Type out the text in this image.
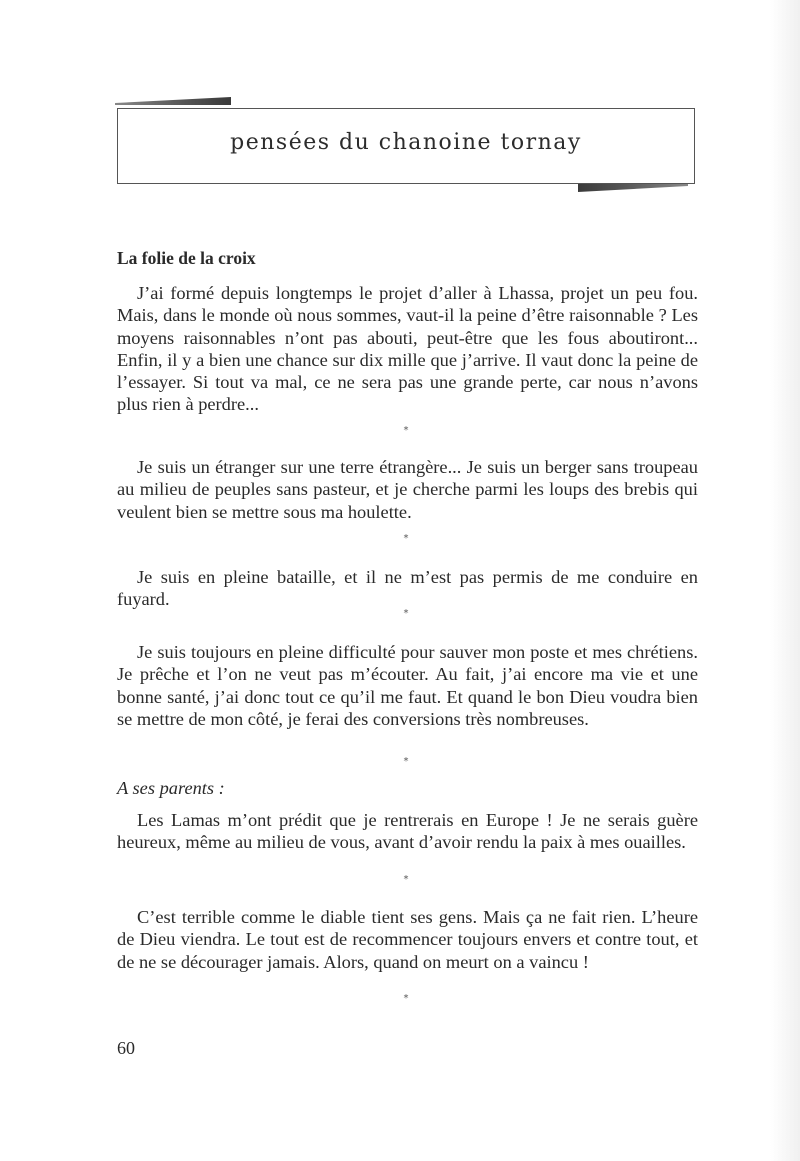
pensées du chanoine tornay
La folie de la croix

J’ai formé depuis longtemps le projet d’aller à Lhassa, projet un peu fou. Mais, dans le monde où nous sommes, vaut-il la peine d’être raisonnable ? Les moyens raisonnables n’ont pas abouti, peut-être que les fous aboutiront... Enfin, il y a bien une chance sur dix mille que j’arrive. Il vaut donc la peine de l’essayer. Si tout va mal, ce ne sera pas une grande perte, car nous n’avons plus rien à perdre...

*

Je suis un étranger sur une terre étrangère... Je suis un berger sans troupeau au milieu de peuples sans pasteur, et je cherche parmi les loups des brebis qui veulent bien se mettre sous ma houlette.

*

Je suis en pleine bataille, et il ne m’est pas permis de me conduire en fuyard.

*

Je suis toujours en pleine difficulté pour sauver mon poste et mes chrétiens. Je prêche et l’on ne veut pas m’écouter. Au fait, j’ai encore ma vie et une bonne santé, j’ai donc tout ce qu’il me faut. Et quand le bon Dieu voudra bien se mettre de mon côté, je ferai des conversions très nombreuses.

*
A ses parents :

Les Lamas m’ont prédit que je rentrerais en Europe ! Je ne serais guère heureux, même au milieu de vous, avant d’avoir rendu la paix à mes ouailles.

*

C’est terrible comme le diable tient ses gens. Mais ça ne fait rien. L’heure de Dieu viendra. Le tout est de recommencer toujours envers et contre tout, et de ne se décourager jamais. Alors, quand on meurt on a vaincu !

*
60
